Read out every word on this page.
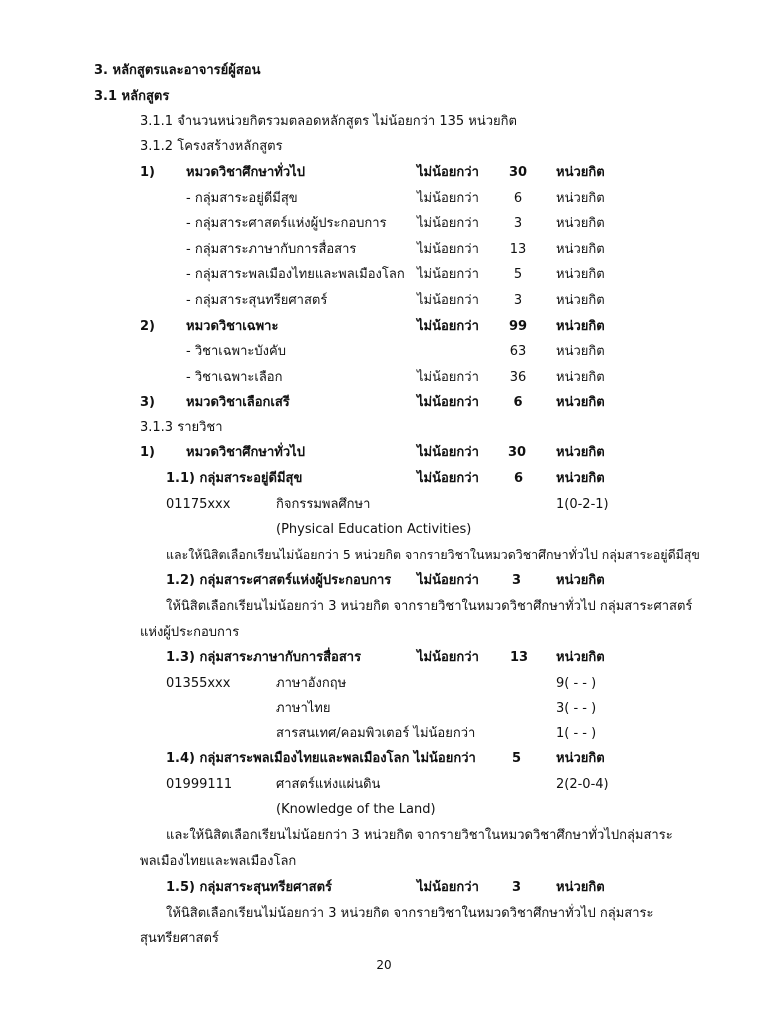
3. หลักสูตรและอาจารย์ผู้สอน
3.1 หลักสูตร
3.1.1 จำนวนหน่วยกิตรวมตลอดหลักสูตร ไม่น้อยกว่า 135 หน่วยกิต
3.1.2 โครงสร้างหลักสูตร
1) หมวดวิชาศึกษาทั่วไป	ไม่น้อยกว่า	30	หน่วยกิต
- กลุ่มสาระอยู่ดีมีสุข	ไม่น้อยกว่า	6	หน่วยกิต
- กลุ่มสาระศาสตร์แห่งผู้ประกอบการ ไม่น้อยกว่า	3	หน่วยกิต
- กลุ่มสาระภาษากับการสื่อสาร	ไม่น้อยกว่า	13	หน่วยกิต
- กลุ่มสาระพลเมืองไทยและพลเมืองโลก ไม่น้อยกว่า	5	หน่วยกิต
- กลุ่มสาระสุนทรียศาสตร์	ไม่น้อยกว่า	3	หน่วยกิต
2) หมวดวิชาเฉพาะ	ไม่น้อยกว่า	99	หน่วยกิต
- วิชาเฉพาะบังคับ	63	หน่วยกิต
- วิชาเฉพาะเลือก	ไม่น้อยกว่า	36	หน่วยกิต
3) หมวดวิชาเลือกเสรี	ไม่น้อยกว่า	6	หน่วยกิต
3.1.3 รายวิชา
1) หมวดวิชาศึกษาทั่วไป	ไม่น้อยกว่า 30 หน่วยกิต
1.1) กลุ่มสาระอยู่ดีมีสุข	ไม่น้อยกว่า	6	หน่วยกิต
01175xxx	กิจกรรมพลศึกษา	1(0-2-1)
(Physical Education Activities)
และให้นิสิตเลือกเรียนไม่น้อยกว่า 5 หน่วยกิต จากรายวิชาในหมวดวิชาศึกษาทั่วไป กลุ่มสาระอยู่ดีมีสุข
1.2) กลุ่มสาระศาสตร์แห่งผู้ประกอบการ ไม่น้อยกว่า	3	หน่วยกิต
ให้นิสิตเลือกเรียนไม่น้อยกว่า 3 หน่วยกิต จากรายวิชาในหมวดวิชาศึกษาทั่วไป กลุ่มสาระศาสตร์
แห่งผู้ประกอบการ
1.3) กลุ่มสาระภาษากับการสื่อสาร	ไม่น้อยกว่า 13 หน่วยกิต
01355xxx	ภาษาอังกฤษ	9( - - )
ภาษาไทย	3( - - )
สารสนเทศ/คอมพิวเตอร์ ไม่น้อยกว่า	1( - - )
1.4) กลุ่มสาระพลเมืองไทยและพลเมืองโลก ไม่น้อยกว่า	5	หน่วยกิต
01999111	ศาสตร์แห่งแผ่นดิน	2(2-0-4)
(Knowledge of the Land)
และให้นิสิตเลือกเรียนไม่น้อยกว่า 3 หน่วยกิต จากรายวิชาในหมวดวิชาศึกษาทั่วไปกลุ่มสาระ
พลเมืองไทยและพลเมืองโลก
1.5) กลุ่มสาระสุนทรียศาสตร์	ไม่น้อยกว่า	3	หน่วยกิต
ให้นิสิตเลือกเรียนไม่น้อยกว่า 3 หน่วยกิต จากรายวิชาในหมวดวิชาศึกษาทั่วไป กลุ่มสาระ
สุนทรียศาสตร์
20
